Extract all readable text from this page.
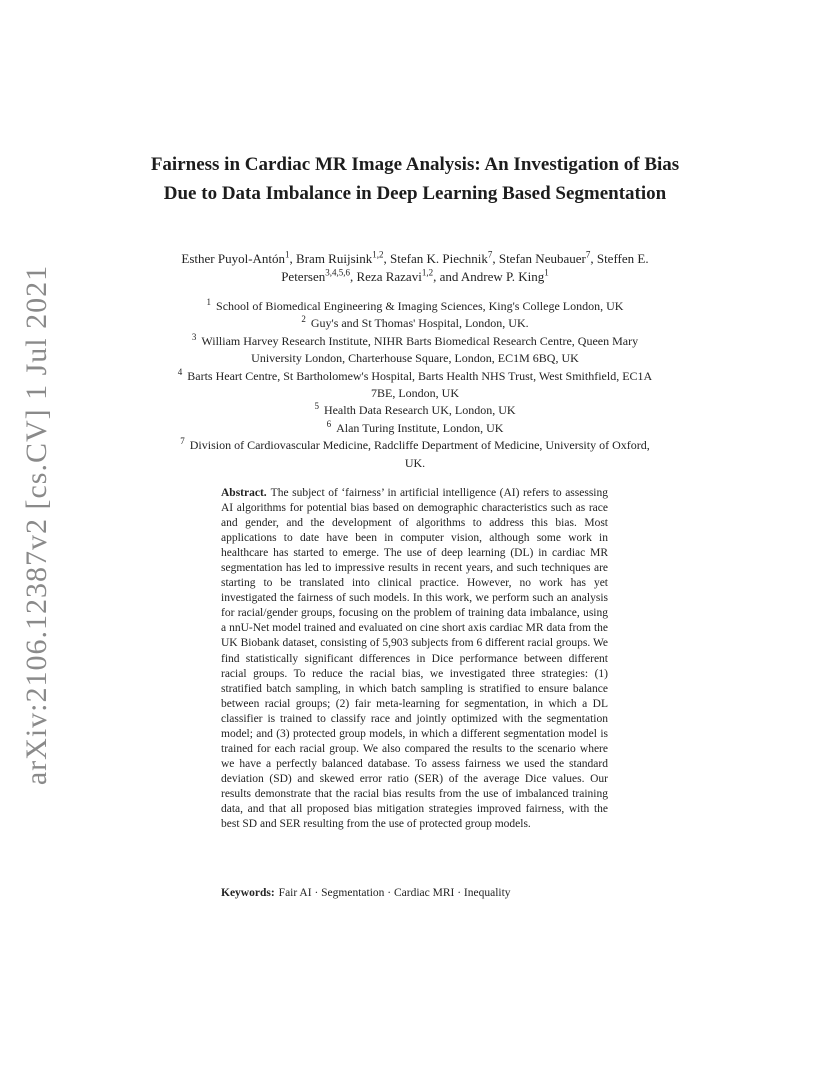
arXiv:2106.12387v2 [cs.CV] 1 Jul 2021
Fairness in Cardiac MR Image Analysis: An Investigation of Bias Due to Data Imbalance in Deep Learning Based Segmentation
Esther Puyol-Antón$^1$, Bram Ruijsink$^{1,2}$, Stefan K. Piechnik$^7$, Stefan Neubauer$^7$, Steffen E. Petersen$^{3,4,5,6}$, Reza Razavi$^{1,2}$, and Andrew P. King$^1$
$^1$ School of Biomedical Engineering & Imaging Sciences, King's College London, UK
$^2$ Guy's and St Thomas' Hospital, London, UK.
$^3$ William Harvey Research Institute, NIHR Barts Biomedical Research Centre, Queen Mary University London, Charterhouse Square, London, EC1M 6BQ, UK
$^4$ Barts Heart Centre, St Bartholomew's Hospital, Barts Health NHS Trust, West Smithfield, EC1A 7BE, London, UK
$^5$ Health Data Research UK, London, UK
$^6$ Alan Turing Institute, London, UK
$^7$ Division of Cardiovascular Medicine, Radcliffe Department of Medicine, University of Oxford, UK.
Abstract. The subject of ‘fairness’ in artificial intelligence (AI) refers to assessing AI algorithms for potential bias based on demographic characteristics such as race and gender, and the development of algorithms to address this bias. Most applications to date have been in computer vision, although some work in healthcare has started to emerge. The use of deep learning (DL) in cardiac MR segmentation has led to impressive results in recent years, and such techniques are starting to be translated into clinical practice. However, no work has yet investigated the fairness of such models. In this work, we perform such an analysis for racial/gender groups, focusing on the problem of training data imbalance, using a nnU-Net model trained and evaluated on cine short axis cardiac MR data from the UK Biobank dataset, consisting of 5,903 subjects from 6 different racial groups. We find statistically significant differences in Dice performance between different racial groups. To reduce the racial bias, we investigated three strategies: (1) stratified batch sampling, in which batch sampling is stratified to ensure balance between racial groups; (2) fair meta-learning for segmentation, in which a DL classifier is trained to classify race and jointly optimized with the segmentation model; and (3) protected group models, in which a different segmentation model is trained for each racial group. We also compared the results to the scenario where we have a perfectly balanced database. To assess fairness we used the standard deviation (SD) and skewed error ratio (SER) of the average Dice values. Our results demonstrate that the racial bias results from the use of imbalanced training data, and that all proposed bias mitigation strategies improved fairness, with the best SD and SER resulting from the use of protected group models.
Keywords: Fair AI · Segmentation · Cardiac MRI · Inequality
